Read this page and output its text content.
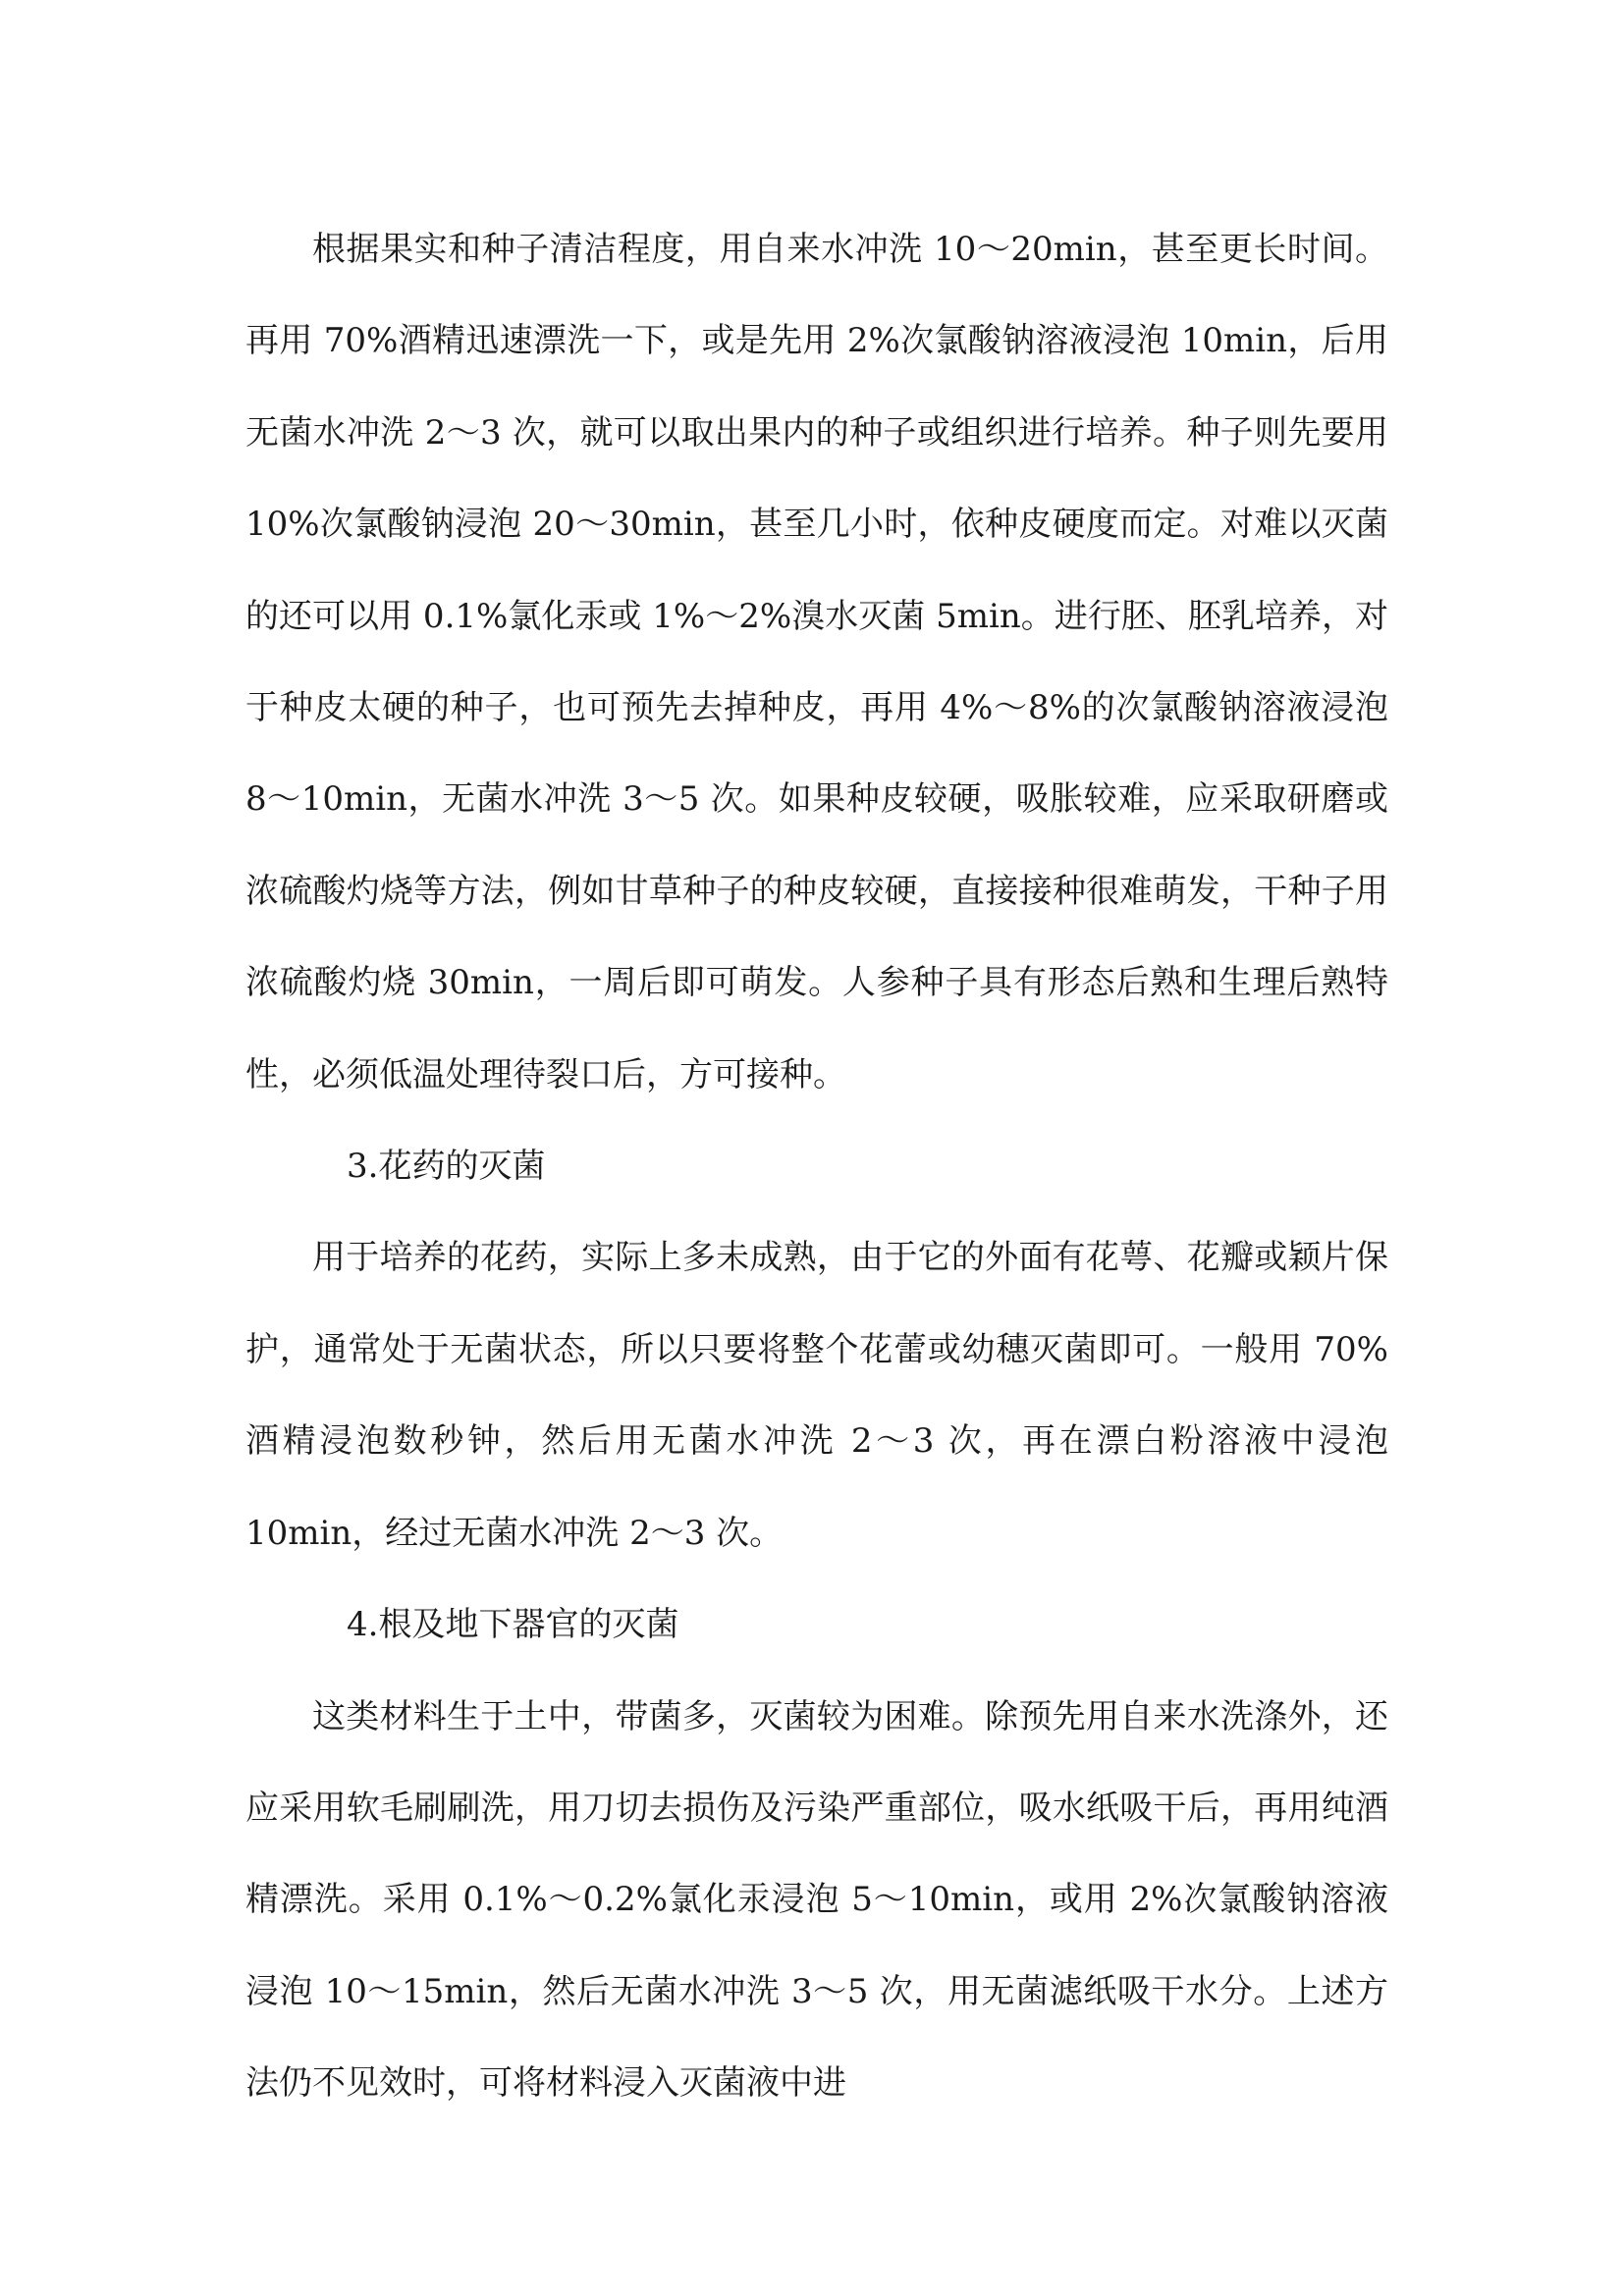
根据果实和种子清洁程度，用自来水冲洗 10～20min，甚至更长时间。再用 70%酒精迅速漂洗一下，或是先用 2%次氯酸钠溶液浸泡 10min，后用无菌水冲洗 2～3 次，就可以取出果内的种子或组织进行培养。种子则先要用 10%次氯酸钠浸泡 20～30min，甚至几小时，依种皮硬度而定。对难以灭菌的还可以用 0.1%氯化汞或 1%～2%溴水灭菌 5min。进行胚、胚乳培养，对于种皮太硬的种子，也可预先去掉种皮，再用 4%～8%的次氯酸钠溶液浸泡 8～10min，无菌水冲洗 3～5 次。如果种皮较硬，吸胀较难，应采取研磨或浓硫酸灼烧等方法，例如甘草种子的种皮较硬，直接接种很难萌发，干种子用浓硫酸灼烧 30min，一周后即可萌发。人参种子具有形态后熟和生理后熟特性，必须低温处理待裂口后，方可接种。

3.花药的灭菌

用于培养的花药，实际上多未成熟，由于它的外面有花萼、花瓣或颖片保护，通常处于无菌状态，所以只要将整个花蕾或幼穗灭菌即可。一般用 70%酒精浸泡数秒钟，然后用无菌水冲洗 2～3 次，再在漂白粉溶液中浸泡 10min，经过无菌水冲洗 2～3 次。

4.根及地下器官的灭菌

这类材料生于土中，带菌多，灭菌较为困难。除预先用自来水洗涤外，还应采用软毛刷刷洗，用刀切去损伤及污染严重部位，吸水纸吸干后，再用纯酒精漂洗。采用 0.1%～0.2%氯化汞浸泡 5～10min，或用 2%次氯酸钠溶液浸泡 10～15min，然后无菌水冲洗 3～5 次，用无菌滤纸吸干水分。上述方法仍不见效时，可将材料浸入灭菌液中进
